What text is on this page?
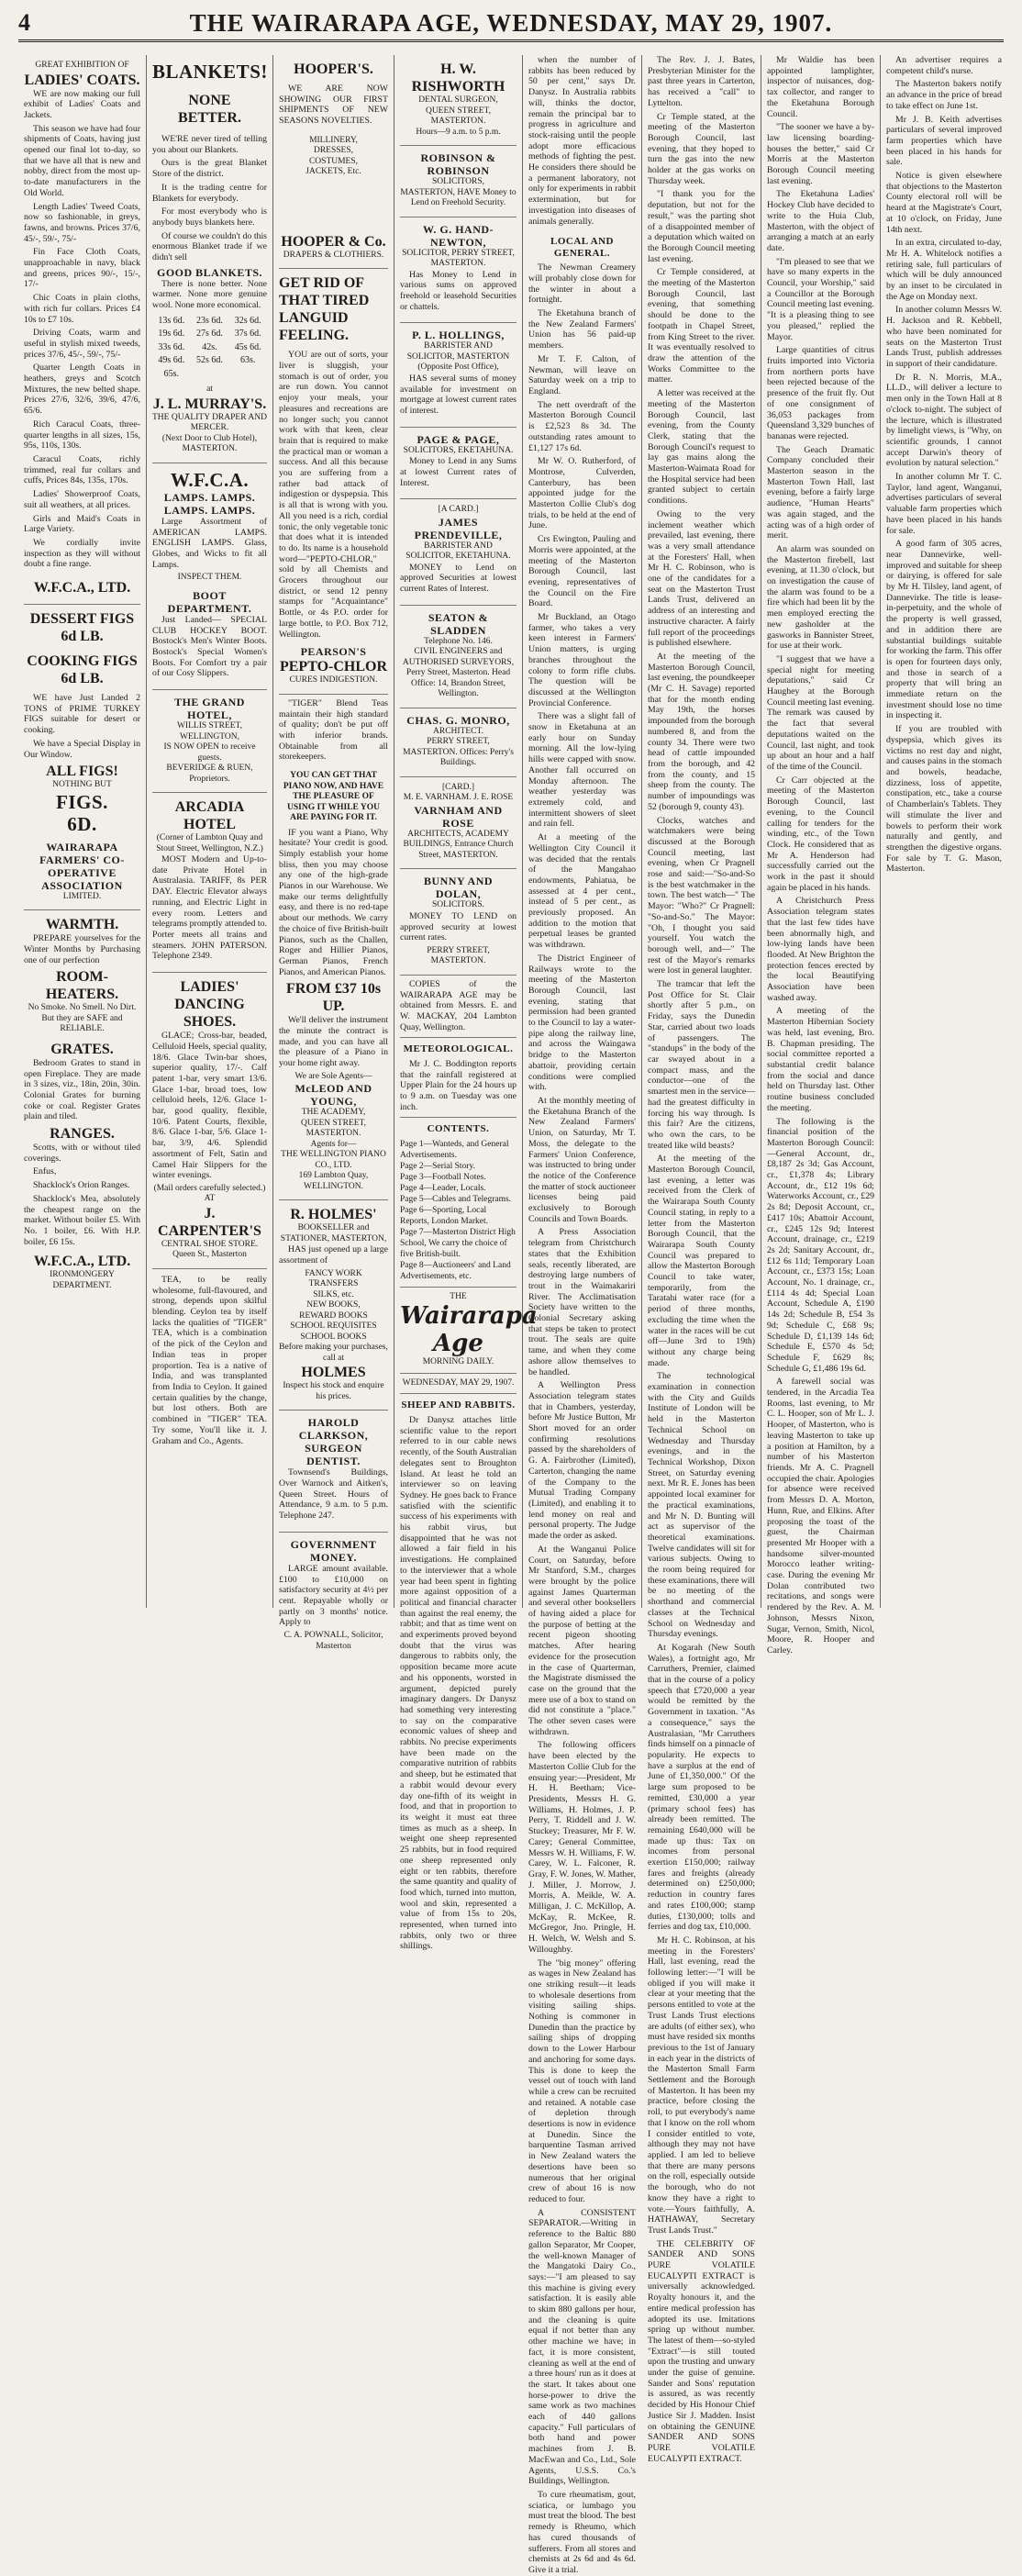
4	THE WAIRARAPA AGE, WEDNESDAY, MAY 29, 1907.
GREAT EXHIBITION OF
LADIES' COATS.

WE are now making our full exhibit of Ladies' Coats and Jackets.

This season we have had four shipments of Coats, having just opened our final lot to-day, so that we have all that is new and nobby, direct from the most up-to-date manufacturers in the Old World.

Length Ladies' Tweed Coats, now so fashionable, in greys, fawns, and browns. Prices 37/6, 45/-, 59/-, 75/-

Fin Face Cloth Coats, unapproachable in navy, black and greens, prices 90/-, 15/-, 17/-

Chic Coats in plain cloths, with rich fur collars. Prices £4 10s to £7 10s.

Driving Coats, warm and useful in stylish mixed tweeds, prices 37/6, 45/-, 59/-, 75/-

Quarter Length Coats in heathers, greys and Scotch Mixtures, the new belted shape. Prices 27/6, 32/6, 39/6, 47/6, 65/6.

Rich Caracul Coats, three-quarter lengths in all sizes, 15s, 95s, 110s, 130s.

Caracul Coats, richly trimmed, real fur collars and cuffs, Prices 84s, 135s, 170s.

Ladies' Showerproof Coats, suit all weathers, at all prices.

Girls and Maid's Coats in Large Variety.

We cordially invite inspection as they will without doubt a fine range.

W.F.C.A., LTD.
DESSERT FIGS
6d LB.
COOKING FIGS
6d LB.

WE have Just Landed 2 TONS of PRIME TURKEY FIGS suitable for desert or cooking.

We have a Special Display in Our Window.

ALL FIGS!
NOTHING BUT
FIGS.
6D.
WAIRARAPA FARMERS' CO-OPERATIVE ASSOCIATION
LIMITED.
WARMTH.

PREPARE yourselves for the Winter Months by Purchasing one of our perfection

ROOM-HEATERS.
No Smoke. No Smell. No Dirt.
But they are SAFE and RELIABLE.
GRATES.

Bedroom Grates to stand in open Fireplace. They are made in 3 sizes, viz., 18in, 20in, 30in. Colonial Grates for burning coke or coal. Register Grates plain and tiled.

RANGES.

Scotts, with or without tiled coverings.

Enfus,

Shacklock's Orion Ranges.

Shacklock's Mea, absolutely the cheapest range on the market. Without boiler £5. With No. 1 boiler, £6. With H.P. boiler, £6 15s.

W.F.C.A., LTD.
IRONMONGERY DEPARTMENT.
BLANKETS!
NONE
BETTER.

WE'RE never tired of telling you about our Blankets.

Ours is the great Blanket Store of the district.

It is the trading centre for Blankets for everybody.

For most everybody who is anybody buys blankets here.

Of course we couldn't do this enormous Blanket trade if we didn't sell

GOOD BLANKETS.

There is none better. None warmer. None more genuine wool. None more economical.

13s 6d.	23s 6d.	32s 6d.
19s 6d.	27s 6d.	37s 6d.
33s 6d.	42s.	45s 6d.
49s 6d.	52s 6d.	63s.
65s.		
at
J. L. MURRAY'S.
THE QUALITY DRAPER AND MERCER.
(Next Door to Club Hotel),
MASTERTON.
W.F.C.A.
LAMPS. LAMPS. LAMPS. LAMPS.

Large Assortment of AMERICAN LAMPS. ENGLISH LAMPS. Glass, Globes, and Wicks to fit all Lamps.

INSPECT THEM.
BOOT DEPARTMENT.

Just Landed— SPECIAL CLUB HOCKEY BOOT. Bostock's Men's Winter Boots. Bostock's Special Women's Boots. For Comfort try a pair of our Cosy Slippers.

THE GRAND HOTEL,
WILLIS STREET, WELLINGTON,
IS NOW OPEN to receive guests.
BEVERIDGE & RUEN, Proprietors.
ARCADIA HOTEL
(Corner of Lambton Quay and Stout Street, Wellington, N.Z.)

MOST Modern and Up-to-date Private Hotel in Australasia. TARIFF, 8s PER DAY. Electric Elevator always running, and Electric Light in every room. Letters and telegrams promptly attended to. Porter meets all trains and steamers. JOHN PATERSON. Telephone 2349.

LADIES'
DANCING SHOES.

GLACE; Cross-bar, beaded, Celluloid Heels, special quality, 18/6. Glace Twin-bar shoes, superior quality, 17/-. Calf patent 1-bar, very smart 13/6. Glace 1-bar, broad toes, low celluloid heels, 12/6. Glace 1-bar, good quality, flexible, 10/6. Patent Courts, flexible, 8/6. Glace 1-bar, 5/6. Glace 1-bar, 3/9, 4/6. Splendid assortment of Felt, Satin and Camel Hair Slippers for the winter evenings.

(Mail orders carefully selected.)
AT
J. CARPENTER'S
CENTRAL SHOE STORE.
Queen St., Masterton

TEA, to be really wholesome, full-flavoured, and strong, depends upon skilful blending. Ceylon tea by itself lacks the qualities of "TIGER" TEA, which is a combination of the pick of the Ceylon and Indian teas in proper proportion. Tea is a native of India, and was transplanted from India to Ceylon. It gained certain qualities by the change, but lost others. Both are combined in "TIGER" TEA. Try some, You'll like it. J. Graham and Co., Agents.

HOOPER'S.

WE ARE NOW SHOWING OUR FIRST SHIPMENTS OF NEW SEASONS NOVELTIES.

MILLINERY,
DRESSES,
COSTUMES,
JACKETS, Etc.
HOOPER & Co.
DRAPERS & CLOTHIERS.
GET RID OF THAT TIRED LANGUID FEELING.

YOU are out of sorts, your liver is sluggish, your stomach is out of order, you are run down. You cannot enjoy your meals, your pleasures and recreations are no longer such; you cannot work with that keen, clear brain that is required to make the practical man or woman a success. And all this because you are suffering from a rather bad attack of indigestion or dyspepsia. This is all that is wrong with you. All you need is a rich, cordial tonic, the only vegetable tonic that does what it is intended to do. Its name is a household word—"PEPTO-CHLOR," sold by all Chemists and Grocers throughout our district, or send 12 penny stamps for "Acquaintance" Bottle, or 4s P.O. order for large bottle, to P.O. Box 712, Wellington.

PEARSON'S
PEPTO-CHLOR
CURES INDIGESTION.

"TIGER" Blend Teas maintain their high standard of quality; don't be put off with inferior brands. Obtainable from all storekeepers.

YOU CAN GET THAT PIANO NOW, AND HAVE THE PLEASURE OF USING IT WHILE YOU ARE PAYING FOR IT.

IF you want a Piano, Why hesitate? Your credit is good. Simply establish your home bliss, then you may choose any one of the high-grade Pianos in our Warehouse. We make our terms delightfully easy, and there is no red-tape about our methods. We carry the choice of five British-built Pianos, such as the Challen, Roger and Hillier Pianos, German Pianos, French Pianos, and American Pianos.

FROM £37 10s UP.

We'll deliver the instrument the minute the contract is made, and you can have all the pleasure of a Piano in your home right away.

We are Sole Agents—
McLEOD AND YOUNG,
THE ACADEMY,
QUEEN STREET, MASTERTON.
Agents for—
THE WELLINGTON PIANO CO., LTD.
169 Lambton Quay, WELLINGTON.
R. HOLMES'
BOOKSELLER and STATIONER, MASTERTON,

HAS just opened up a large assortment of

FANCY WORK
TRANSFERS
SILKS, etc.
NEW BOOKS,
REWARD BOOKS
SCHOOL REQUISITES
SCHOOL BOOKS
Before making your purchases, call at
HOLMES
Inspect his stock and enquire his prices.
HAROLD CLARKSON, SURGEON DENTIST.

Townsend's Buildings, Over Warnock and Aitken's, Queen Street. Hours of Attendance, 9 a.m. to 5 p.m. Telephone 247.

GOVERNMENT MONEY.

LARGE amount available. £100 to £10,000 on satisfactory security at 4½ per cent. Repayable wholly or partly on 3 months' notice. Apply to

C. A. POWNALL, Solicitor, Masterton
H. W. RISHWORTH
DENTAL SURGEON,
QUEEN STREET, MASTERTON.
Hours—9 a.m. to 5 p.m.
ROBINSON & ROBINSON
SOLICITORS,
MASTERTON, HAVE Money to Lend on Freehold Security.
W. G. HAND-NEWTON,
SOLICITOR, PERRY STREET, MASTERTON.

Has Money to Lend in various sums on approved freehold or leasehold Securities or chattels.

P. L. HOLLINGS,
BARRISTER AND SOLICITOR, MASTERTON (Opposite Post Office),

HAS several sums of money available for investment on mortgage at lowest current rates of interest.

PAGE & PAGE,
SOLICITORS, EKETAHUNA.

Money to Lend in any Sums at lowest Current rates of Interest.

[A CARD.]
JAMES PRENDEVILLE,
BARRISTER AND SOLICITOR, EKETAHUNA.

MONEY to Lend on approved Securities at lowest current Rates of Interest.

SEATON & SLADDEN
Telephone No. 146.
CIVIL ENGINEERS and AUTHORISED SURVEYORS,
Perry Street, Masterton. Head Office: 14, Brandon Street, Wellington.
CHAS. G. MONRO,
ARCHITECT.
PERRY STREET, MASTERTON. Offices: Perry's Buildings.
[CARD.]
M. E. VARNHAM. J. E. ROSE
VARNHAM AND ROSE
ARCHITECTS, ACADEMY BUILDINGS, Entrance Church Street, MASTERTON.
BUNNY AND DOLAN,
SOLICITORS.

MONEY TO LEND on approved security at lowest current rates.

PERRY STREET, MASTERTON.

COPIES of the WAIRARAPA AGE may be obtained from Messrs. E. and W. MACKAY, 204 Lambton Quay, Wellington.

METEOROLOGICAL.

Mr J. C. Boddington reports that the rainfall registered at Upper Plain for the 24 hours up to 9 a.m. on Tuesday was one inch.

CONTENTS.
Page 1—Wanteds, and General Advertisements.
Page 2—Serial Story.
Page 3—Football Notes.
Page 4—Leader, Locals.
Page 5—Cables and Telegrams.
Page 6—Sporting, Local Reports, London Market.
Page 7—Masterton District High School, We carry the choice of five British-built.
Page 8—Auctioneers' and Land Advertisements, etc.
THE
Wairarapa Age
MORNING DAILY.
WEDNESDAY, MAY 29, 1907.
SHEEP AND RABBITS.

Dr Danysz attaches little scientific value to the report referred to in our cable news recently, of the South Australian delegates sent to Broughton Island. At least he told an interviewer so on leaving Sydney. He goes back to France satisfied with the scientific success of his experiments with his rabbit virus, but disappointed that he was not allowed a fair field in his investigations. He complained to the interviewer that a whole year had been spent in fighting more against opposition of a political and financial character than against the real enemy, the rabbit; and that as time went on and experiments proved beyond doubt that the virus was dangerous to rabbits only, the opposition became more acute and his opponents, worsted in argument, depicted purely imaginary dangers. Dr Danysz had something very interesting to say on the comparative economic values of sheep and rabbits. No precise experiments have been made on the comparative nutrition of rabbits and sheep, but he estimated that a rabbit would devour every day one-fifth of its weight in food, and that in proportion to its weight it must eat three times as much as a sheep. In weight one sheep represented 25 rabbits, but in food required one sheep represented only eight or ten rabbits, therefore the same quantity and quality of food which, turned into mutton, wool and skin, represented a value of from 15s to 20s, represented, when turned into rabbits, only two or three shillings.

when the number of rabbits has been reduced by 50 per cent," says Dr. Danysz. In Australia rabbits will, thinks the doctor, remain the principal bar to progress in agriculture and stock-raising until the people adopt more efficacious methods of fighting the pest. He considers there should be a permanent laboratory, not only for experiments in rabbit extermination, but for investigation into diseases of animals generally.

LOCAL AND GENERAL.

The Newman Creamery will probably close down for the winter in about a fortnight.

The Eketahuna branch of the New Zealand Farmers' Union has 56 paid-up members.

Mr T. F. Calton, of Newman, will leave on Saturday week on a trip to England.

The nett overdraft of the Masterton Borough Council is £2,523 8s 3d. The outstanding rates amount to £1,127 17s 6d.

Mr W. O. Rutherford, of Montrose, Culverden, Canterbury, has been appointed judge for the Masterton Collie Club's dog trials, to be held at the end of June.

Crs Ewington, Pauling and Morris were appointed, at the meeting of the Masterton Borough Council, last evening, representatives of the Council on the Fire Board.

Mr Buckland, an Otago farmer, who takes a very keen interest in Farmers' Union matters, is urging branches throughout the colony to form rifle clubs. The question will be discussed at the Wellington Provincial Conference.

There was a slight fall of snow in Eketahuna at an early hour on Sunday morning. All the low-lying hills were capped with snow. Another fall occurred on Monday afternoon. The weather yesterday was extremely cold, and intermittent showers of sleet and rain fell.

At a meeting of the Wellington City Council it was decided that the rentals of the Mangahao endowments, Pahiatua, be assessed at 4 per cent., instead of 5 per cent., as previously proposed. An addition to the motion that perpetual leases be granted was withdrawn.

The District Engineer of Railways wrote to the meeting of the Masterton Borough Council, last evening, stating that permission had been granted to the Council to lay a water-pipe along the railway line, and across the Waingawa bridge to the Masterton abattoir, providing certain conditions were complied with.

At the monthly meeting of the Eketahuna Branch of the New Zealand Farmers' Union, on Saturday, Mr T. Moss, the delegate to the Farmers' Union Conference, was instructed to bring under the notice of the Conference the matter of stock auctioneer licenses being paid exclusively to Borough Councils and Town Boards.

A Press Association telegram from Christchurch states that the Exhibition seals, recently liberated, are destroying large numbers of trout in the Waimakariri River. The Acclimatisation Society have written to the Colonial Secretary asking that steps be taken to protect trout. The seals are quite tame, and when they come ashore allow themselves to be handled.

A Wellington Press Association telegram states that in Chambers, yesterday, before Mr Justice Button, Mr Short moved for an order confirming resolutions passed by the shareholders of G. A. Fairbrother (Limited), Carterton, changing the name of the Company to the Mutual Trading Company (Limited), and enabling it to lend money on real and personal property. The Judge made the order as asked.

At the Wanganui Police Court, on Saturday, before Mr Stanford, S.M., charges were brought by the police against James Quarterman and several other booksellers of having aided a place for the purpose of betting at the recent pigeon shooting matches. After hearing evidence for the prosecution in the case of Quarterman, the Magistrate dismissed the case on the ground that the mere use of a box to stand on did not constitute a "place." The other seven cases were withdrawn.

The following officers have been elected by the Masterton Collie Club for the ensuing year:—President, Mr H. H. Beetham; Vice-Presidents, Messrs H. G. Williams, H. Holmes, J. P. Perry, T. Riddell and J. W. Stuckey; Treasurer, Mr F. W. Carey; General Committee, Messrs W. H. Williams, F. W. Carey, W. L. Falconer, R. Gray, F. W. Jones, W. Mather, J. Miller, J. Morrow, J. Morris, A. Meikle, W. A. Milligan, J. C. McKillop, A. McKay, R. McKee, R. McGregor, Jno. Pringle, H. H. Welch, W. Welsh and S. Willoughby.

The "big money" offering as wages in New Zealand has one striking result—it leads to wholesale desertions from visiting sailing ships. Nothing is commoner in Dunedin than the practice by sailing ships of dropping down to the Lower Harbour and anchoring for some days. This is done to keep the vessel out of touch with land while a crew can be recruited and retained. A notable case of depletion through desertions is now in evidence at Dunedin. Since the barquentine Tasman arrived in New Zealand waters the desertions have been so numerous that her original crew of about 16 is now reduced to four.

A CONSISTENT SEPARATOR.—Writing in reference to the Baltic 880 gallon Separator, Mr Cooper, the well-known Manager of the Mangatoki Dairy Co., says:—"I am pleased to say this machine is giving every satisfaction. It is easily able to skim 880 gallons per hour, and the cleaning is quite equal if not better than any other machine we have; in fact, it is more consistent, cleaning as well at the end of a three hours' run as it does at the start. It takes about one horse-power to drive the same work as two machines each of 440 gallons capacity." Full particulars of both hand and power machines from J. B. MacEwan and Co., Ltd., Sole Agents, U.S.S. Co.'s Buildings, Wellington.

To cure rheumatism, gout, sciatica, or lumbago you must treat the blood. The best remedy is Rheumo, which has cured thousands of sufferers. From all stores and chemists at 2s 6d and 4s 6d. Give it a trial.

The Rev. J. J. Bates, Presbyterian Minister for the past three years in Carterton, has received a "call" to Lyttelton.

Cr Temple stated, at the meeting of the Masterton Borough Council, last evening, that they hoped to turn the gas into the new holder at the gas works on Thursday week.

"I thank you for the deputation, but not for the result," was the parting shot of a disappointed member of a deputation which waited on the Borough Council meeting last evening.

Cr Temple considered, at the meeting of the Masterton Borough Council, last evening, that something should be done to the footpath in Chapel Street, from King Street to the river. It was eventually resolved to draw the attention of the Works Committee to the matter.

A letter was received at the meeting of the Masterton Borough Council, last evening, from the County Clerk, stating that the Borough Council's request to lay gas mains along the Masterton-Waimata Road for the Hospital service had been granted subject to certain conditions.

Owing to the very inclement weather which prevailed, last evening, there was a very small attendance at the Foresters' Hall, when Mr H. C. Robinson, who is one of the candidates for a seat on the Masterton Trust Lands Trust, delivered an address of an interesting and instructive character. A fairly full report of the proceedings is published elsewhere.

At the meeting of the Masterton Borough Council, last evening, the poundkeeper (Mr C. H. Savage) reported that for the month ending May 19th, the horses impounded from the borough numbered 8, and from the county 34. There were two head of cattle impounded from the borough, and 42 from the county, and 15 sheep from the county. The number of impoundings was 52 (borough 9, county 43).

Clocks, watches and watchmakers were being discussed at the Borough Council meeting, last evening, when Cr Pragnell rose and said:—"So-and-So is the best watchmaker in the town. The best watch—" The Mayor: "Who?" Cr Pragnell: "So-and-So." The Mayor: "Oh, I thought you said yourself. You watch the borough well, and—" The rest of the Mayor's remarks were lost in general laughter.

The tramcar that left the Post Office for St. Clair shortly after 5 p.m., on Friday, says the Dunedin Star, carried about two loads of passengers. The "standups" in the body of the car swayed about in a compact mass, and the conductor—one of the smartest men in the service—had the greatest difficulty in forcing his way through. Is this fair? Are the citizens, who own the cars, to be treated like wild beasts?

At the meeting of the Masterton Borough Council, last evening, a letter was received from the Clerk of the Wairarapa South County Council stating, in reply to a letter from the Masterton Borough Council, that the Wairarapa South County Council was prepared to allow the Masterton Borough Council to take water, temporarily, from the Taratahi water race (for a period of three months, excluding the time when the water in the races will be cut off—June 3rd to 19th) without any charge being made.

The technological examination in connection with the City and Guilds Institute of London will be held in the Masterton Technical School on Wednesday and Thursday evenings, and in the Technical Workshop, Dixon Street, on Saturday evening next. Mr R. E. Jones has been appointed local examiner for the practical examinations, and Mr N. D. Bunting will act as supervisor of the theoretical examinations. Twelve candidates will sit for various subjects. Owing to the room being required for these examinations, there will be no meeting of the shorthand and commercial classes at the Technical School on Wednesday and Thursday evenings.

At Kogarah (New South Wales), a fortnight ago, Mr Carruthers, Premier, claimed that in the course of a policy speech that £720,000 a year would be remitted by the Government in taxation. "As a consequence," says the Australasian, "Mr Carruthers finds himself on a pinnacle of popularity. He expects to have a surplus at the end of June of £1,350,000." Of the large sum proposed to be remitted, £30,000 a year (primary school fees) has already been remitted. The remaining £640,000 will be made up thus: Tax on incomes from personal exertion £150,000; railway fares and freights (already determined on) £250,000; reduction in country fares and rates £100,000; stamp duties, £130,000; tolls and ferries and dog tax, £10,000.

Mr H. C. Robinson, at his meeting in the Foresters' Hall, last evening, read the following letter:—"I will be obliged if you will make it clear at your meeting that the persons entitled to vote at the Trust Lands Trust elections are adults (of either sex), who must have resided six months previous to the 1st of January in each year in the districts of the Masterton Small Farm Settlement and the Borough of Masterton. It has been my practice, before closing the roll, to put everybody's name that I know on the roll whom I consider entitled to vote, although they may not have applied. I am led to believe that there are many persons on the roll, especially outside the borough, who do not know they have a right to vote.—Yours faithfully, A. HATHAWAY, Secretary Trust Lands Trust."

THE CELEBRITY OF SANDER AND SONS PURE VOLATILE EUCALYPTI EXTRACT is universally acknowledged. Royalty honours it, and the entire medical profession has adopted its use. Imitations spring up without number. The latest of them—so-styled "Extract"—is still touted upon the trusting and unwary under the guise of genuine. Sander and Sons' reputation is assured, as was recently decided by His Honour Chief Justice Sir J. Madden. Insist on obtaining the GENUINE SANDER AND SONS PURE VOLATILE EUCALYPTI EXTRACT.

Mr Waldie has been appointed lamplighter, inspector of nuisances, dog-tax collector, and ranger to the Eketahuna Borough Council.

"The sooner we have a by-law licensing boarding-houses the better," said Cr Morris at the Masterton Borough Council meeting last evening.

The Eketahuna Ladies' Hockey Club have decided to write to the Huia Club, Masterton, with the object of arranging a match at an early date.

"I'm pleased to see that we have so many experts in the Council, your Worship," said a Councillor at the Borough Council meeting last evening. "It is a pleasing thing to see you pleased," replied the Mayor.

Large quantities of citrus fruits imported into Victoria from northern ports have been rejected because of the presence of the fruit fly. Out of one consignment of 36,053 packages from Queensland 3,329 bunches of bananas were rejected.

The Geach Dramatic Company concluded their Masterton season in the Masterton Town Hall, last evening, before a fairly large audience, "Human Hearts" was again staged, and the acting was of a high order of merit.

An alarm was sounded on the Masterton firebell, last evening, at 11.30 o'clock, but on investigation the cause of the alarm was found to be a fire which had been lit by the men employed erecting the new gasholder at the gasworks in Bannister Street, for use at their work.

"I suggest that we have a special night for meeting deputations," said Cr Haughey at the Borough Council meeting last evening. The remark was caused by the fact that several deputations waited on the Council, last night, and took up about an hour and a half of the time of the Council.

Cr Carr objected at the meeting of the Masterton Borough Council, last evening, to the Council calling for tenders for the winding, etc., of the Town Clock. He considered that as Mr A. Henderson had successfully carried out the work in the past it should again be placed in his hands.

A Christchurch Press Association telegram states that the last few tides have been abnormally high, and low-lying lands have been flooded. At New Brighton the protection fences erected by the local Beautifying Association have been washed away.

A meeting of the Masterton Hibernian Society was held, last evening, Bro. B. Chapman presiding. The social committee reported a substantial credit balance from the social and dance held on Thursday last. Other routine business concluded the meeting.

The following is the financial position of the Masterton Borough Council:—General Account, dr., £8,187 2s 3d; Gas Account, cr., £1,378 4s; Library Account, dr., £12 19s 6d; Waterworks Account, cr., £29 2s 8d; Deposit Account, cr., £417 10s; Abattoir Account, cr., £245 12s 9d; Interest Account, drainage, cr., £219 2s 2d; Sanitary Account, dr., £12 6s 11d; Temporary Loan Account, cr., £373 15s; Loan Account, No. 1 drainage, cr., £114 4s 4d; Special Loan Account, Schedule A, £190 14s 2d; Schedule B, £54 3s 9d; Schedule C, £68 9s; Schedule D, £1,139 14s 6d; Schedule E, £570 4s 5d; Schedule F, £629 8s; Schedule G, £1,486 19s 6d.

A farewell social was tendered, in the Arcadia Tea Rooms, last evening, to Mr C. L. Hooper, son of Mr L. J. Hooper, of Masterton, who is leaving Masterton to take up a position at Hamilton, by a number of his Masterton friends. Mr A. C. Pragnell occupied the chair. Apologies for absence were received from Messrs D. A. Morton, Hunn, Rue, and Elkins. After proposing the toast of the guest, the Chairman presented Mr Hooper with a handsome silver-mounted Morocco leather writing-case. During the evening Mr Dolan contributed two recitations, and songs were rendered by the Rev. A. M. Johnson, Messrs Nixon, Sugar, Vernon, Smith, Nicol, Moore, R. Hooper and Carley.

An advertiser requires a competent child's nurse.

The Masterton bakers notify an advance in the price of bread to take effect on June 1st.

Mr J. B. Keith advertises particulars of several improved farm properties which have been placed in his hands for sale.

Notice is given elsewhere that objections to the Masterton County electoral roll will be heard at the Magistrate's Court, at 10 o'clock, on Friday, June 14th next.

In an extra, circulated to-day, Mr H. A. Whitelock notifies a retiring sale, full particulars of which will be duly announced by an inset to be circulated in the Age on Monday next.

In another column Messrs W. H. Jackson and R. Kebbell, who have been nominated for seats on the Masterton Trust Lands Trust, publish addresses in support of their candidature.

Dr R. N. Morris, M.A., LL.D., will deliver a lecture to men only in the Town Hall at 8 o'clock to-night. The subject of the lecture, which is illustrated by limelight views, is "Why, on scientific grounds, I cannot accept Darwin's theory of evolution by natural selection."

In another column Mr T. C. Taylor, land agent, Wanganui, advertises particulars of several valuable farm properties which have been placed in his hands for sale.

A good farm of 305 acres, near Dannevirke, well-improved and suitable for sheep or dairying, is offered for sale by Mr H. Tilsley, land agent, of Dannevirke. The title is lease-in-perpetuity, and the whole of the property is well grassed, and in addition there are substantial buildings suitable for working the farm. This offer is open for fourteen days only, and those in search of a property that will bring an immediate return on the investment should lose no time in inspecting it.

If you are troubled with dyspepsia, which gives its victims no rest day and night, and causes pains in the stomach and bowels, headache, dizziness, loss of appetite, constipation, etc., take a course of Chamberlain's Tablets. They will stimulate the liver and bowels to perform their work naturally and gently, and strengthen the digestive organs. For sale by T. G. Mason, Masterton.
